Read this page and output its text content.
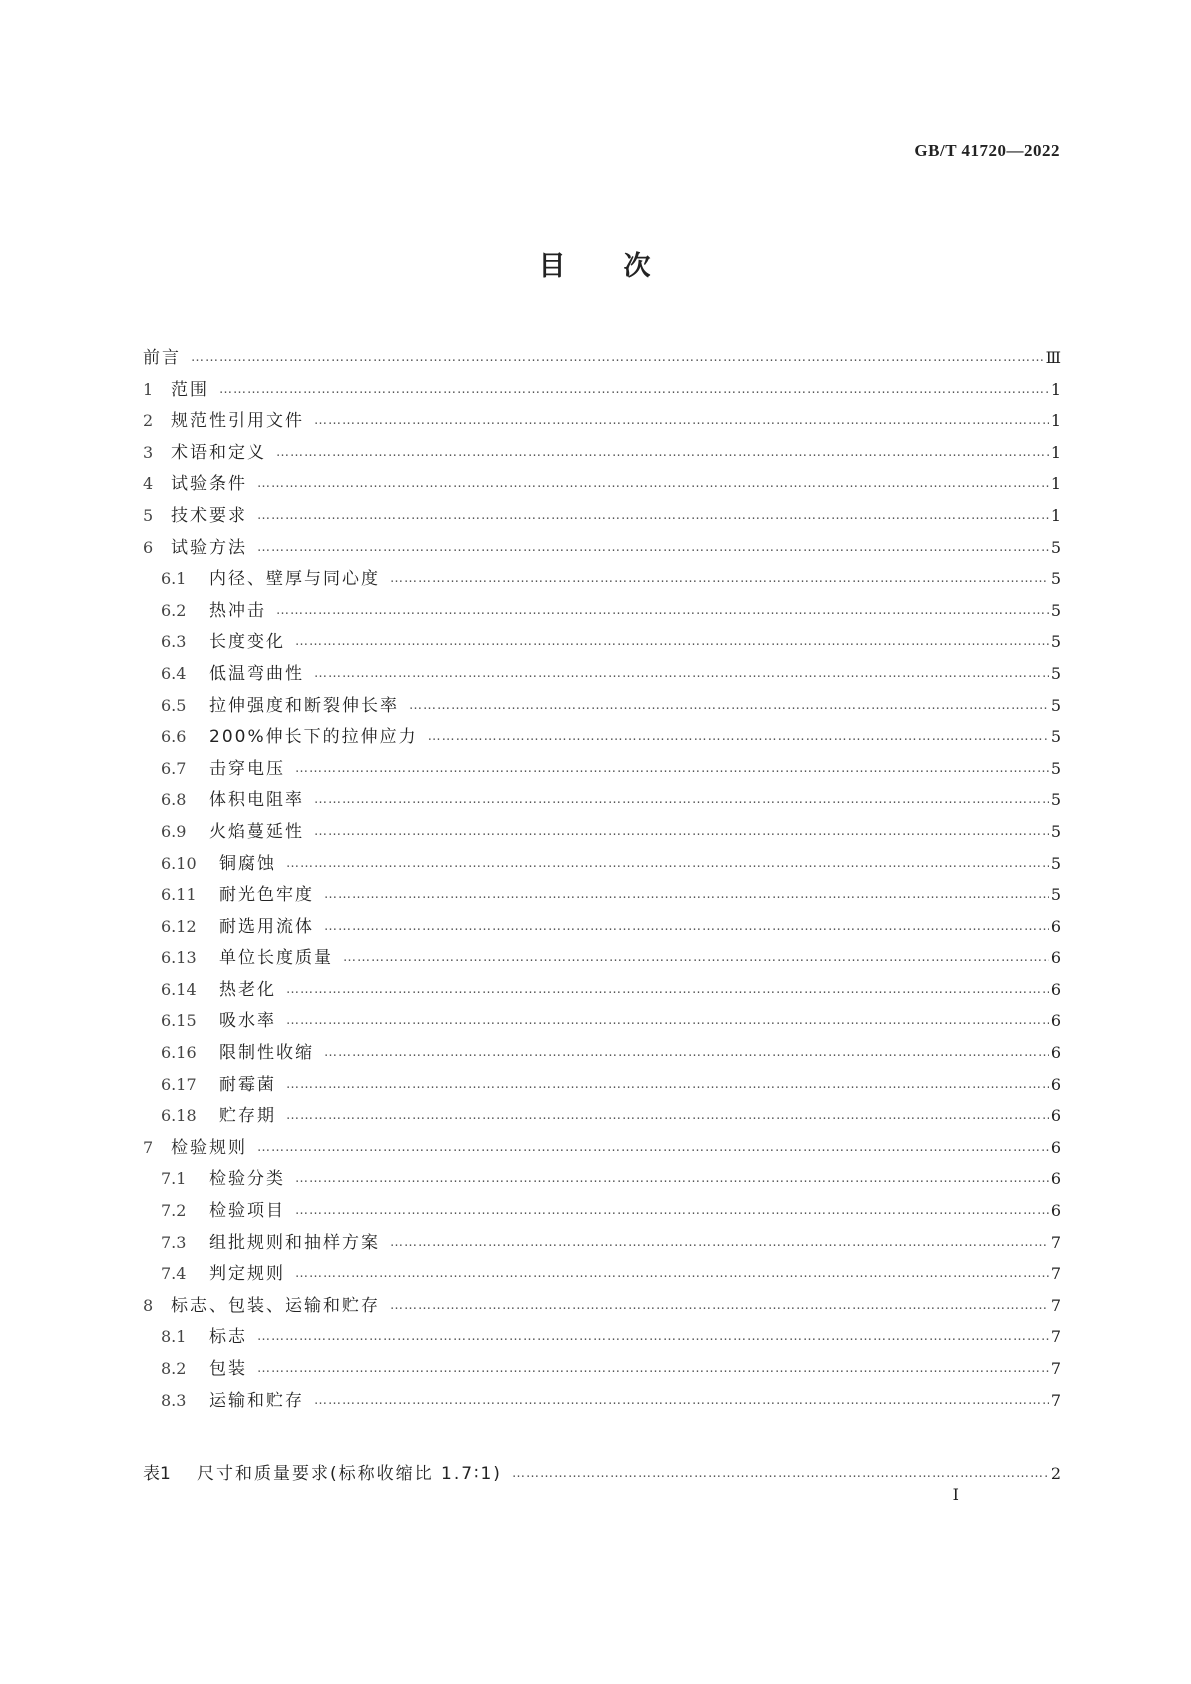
GB/T 41720—2022
目 次
前言 ……………………………………………………………………………………………………………………………………………………………………………………………………………………	Ⅲ
1	范围 ……………………………………………………………………………………………………………………………………………………………………………………………………………………	1
2	规范性引用文件 ……………………………………………………………………………………………………………………………………………………………………………………………………………………	1
3	术语和定义 ……………………………………………………………………………………………………………………………………………………………………………………………………………………	1
4	试验条件 ……………………………………………………………………………………………………………………………………………………………………………………………………………………	1
5	技术要求 ……………………………………………………………………………………………………………………………………………………………………………………………………………………	1
6	试验方法 ……………………………………………………………………………………………………………………………………………………………………………………………………………………	5
6.1	内径、壁厚与同心度 ……………………………………………………………………………………………………………………………………………………………………………………………………………………	5
6.2	热冲击 ……………………………………………………………………………………………………………………………………………………………………………………………………………………	5
6.3	长度变化 ……………………………………………………………………………………………………………………………………………………………………………………………………………………	5
6.4	低温弯曲性 ……………………………………………………………………………………………………………………………………………………………………………………………………………………	5
6.5	拉伸强度和断裂伸长率 ……………………………………………………………………………………………………………………………………………………………………………………………………………………	5
6.6	200%伸长下的拉伸应力 ……………………………………………………………………………………………………………………………………………………………………………………………………………………	5
6.7	击穿电压 ……………………………………………………………………………………………………………………………………………………………………………………………………………………	5
6.8	体积电阻率 ……………………………………………………………………………………………………………………………………………………………………………………………………………………	5
6.9	火焰蔓延性 ……………………………………………………………………………………………………………………………………………………………………………………………………………………	5
6.10	铜腐蚀 ……………………………………………………………………………………………………………………………………………………………………………………………………………………	5
6.11	耐光色牢度 ……………………………………………………………………………………………………………………………………………………………………………………………………………………	5
6.12	耐选用流体 ……………………………………………………………………………………………………………………………………………………………………………………………………………………	6
6.13	单位长度质量 ……………………………………………………………………………………………………………………………………………………………………………………………………………………	6
6.14	热老化 ……………………………………………………………………………………………………………………………………………………………………………………………………………………	6
6.15	吸水率 ……………………………………………………………………………………………………………………………………………………………………………………………………………………	6
6.16	限制性收缩 ……………………………………………………………………………………………………………………………………………………………………………………………………………………	6
6.17	耐霉菌 ……………………………………………………………………………………………………………………………………………………………………………………………………………………	6
6.18	贮存期 ……………………………………………………………………………………………………………………………………………………………………………………………………………………	6
7	检验规则 ……………………………………………………………………………………………………………………………………………………………………………………………………………………	6
7.1	检验分类 ……………………………………………………………………………………………………………………………………………………………………………………………………………………	6
7.2	检验项目 ……………………………………………………………………………………………………………………………………………………………………………………………………………………	6
7.3	组批规则和抽样方案 ……………………………………………………………………………………………………………………………………………………………………………………………………………………	7
7.4	判定规则 ……………………………………………………………………………………………………………………………………………………………………………………………………………………	7
8	标志、包装、运输和贮存 ……………………………………………………………………………………………………………………………………………………………………………………………………………………	7
8.1	标志 ……………………………………………………………………………………………………………………………………………………………………………………………………………………	7
8.2	包装 ……………………………………………………………………………………………………………………………………………………………………………………………………………………	7
8.3	运输和贮存 ……………………………………………………………………………………………………………………………………………………………………………………………………………………	7
表1	尺寸和质量要求(标称收缩比 1.7∶1) ……………………………………………………………………………………………………………………………………………………………………………………………………………………	2
I
